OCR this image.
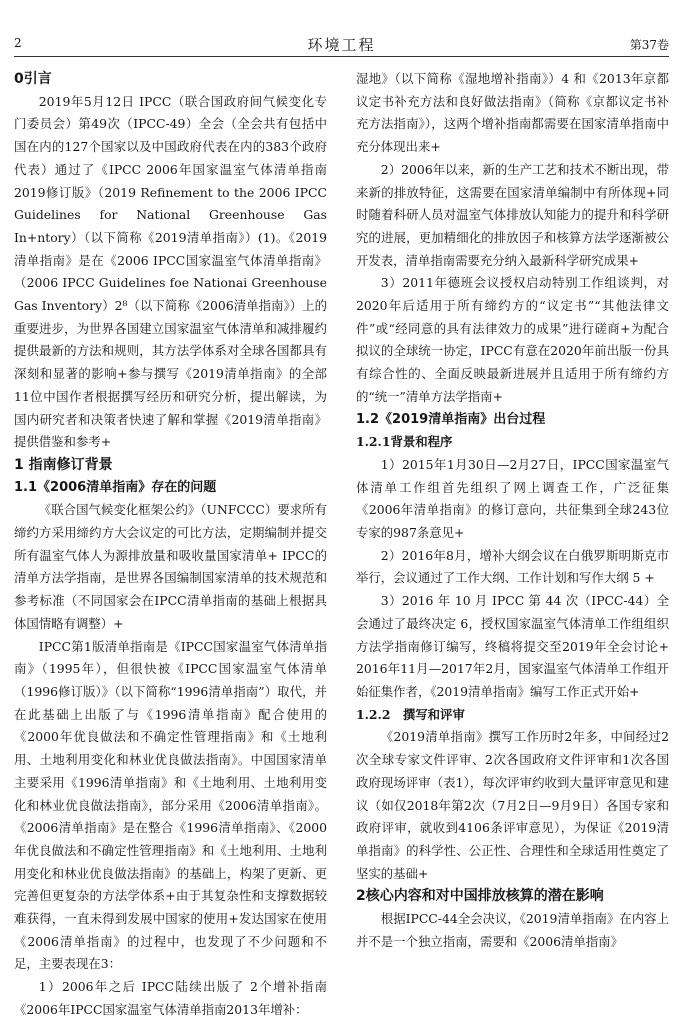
2	环境工程	第37卷
0引言

2019年5月12日 IPCC（联合国政府间气候变化专门委员会）第49次（IPCC-49）全会（全会共有包括中国在内的127个国家以及中国政府代表在内的383个政府代表）通过了《IPCC 2006年国家温室气体清单指南2019修订版》（2019 Refinement to the 2006 IPCC Guidelines for National Greenhouse Gas In+ntory）（以下简称《2019清单指南》）(1)。《2019清单指南》是在《2006 IPCC国家温室气体清单指南》（2006 IPCC Guidelines foe Nationai Greenhouse Gas Inventory）2⁸（以下简称《2006清单指南》）上的重要进步，为世界各国建立国家温室气体清单和减排履约提供最新的方法和规则，其方法学体系对全球各国都具有深刻和显著的影响+参与撰写《2019清单指南》的全部11位中国作者根据撰写经历和研究分析，提出解读，为国内研究者和决策者快速了解和掌握《2019清单指南》提供借鉴和参考+

1 指南修订背景
1.1《2006清单指南》存在的问题

《联合国气候变化框架公约》（UNFCCC）要求所有缔约方采用缔约方大会议定的可比方法，定期编制并提交所有温室气体人为源排放量和吸收量国家清单+ IPCC的清单方法学指南，是世界各国编制国家清单的技术规范和参考标准（不同国家会在IPCC清单指南的基础上根据具体国情略有调整）+

IPCC第1版清单指南是《IPCC国家温室气体清单指南》（1995年），但很快被《IPCC国家温室气体清单（1996修订版）》（以下简称“1996清单指南”）取代，并在此基础上出版了与《1996清单指南》配合使用的《2000年优良做法和不确定性管理指南》和《土地利用、土地利用变化和林业优良做法指南》。中国国家清单主要采用《1996清单指南》和《土地利用、土地利用变化和林业优良做法指南》，部分采用《2006清单指南》。《2006清单指南》是在整合《1996清单指南》、《2000年优良做法和不确定性管理指南》和《土地利用、土地利用变化和林业优良做法指南》的基础上，构架了更新、更完善但更复杂的方法学体系+由于其复杂性和支撑数据较难获得，一直未得到发展中国家的使用+发达国家在使用《2006清单指南》的过程中，也发现了不少问题和不足，主要表现在3：

1）2006年之后 IPCC陆续出版了 2个增补指南《2006年IPCC国家温室气体清单指南2013年增补：

湿地》（以下简称《湿地增补指南》）4 和《2013年京都议定书补充方法和良好做法指南》（简称《京都议定书补充方法指南》），这两个增补指南都需要在国家清单指南中充分体现出来+

2）2006年以来，新的生产工艺和技术不断出现，带来新的排放特征，这需要在国家清单编制中有所体现+同时随着科研人员对温室气体排放认知能力的提升和科学研究的进展，更加精细化的排放因子和核算方法学逐渐被公开发表，清单指南需要充分纳入最新科学研究成果+

3）2011年德班会议授权启动特别工作组谈判，对2020年后适用于所有缔约方的“议定书”“其他法律文件”或“经同意的具有法律效力的成果”进行磋商+为配合拟议的全球统一协定，IPCC有意在2020年前出版一份具有综合性的、全面反映最新进展并且适用于所有缔约方的“统一”清单方法学指南+

1.2《2019清单指南》出台过程
1.2.1背景和程序

1）2015年1月30日—2月27日，IPCC国家温室气体清单工作组首先组织了网上调查工作，广泛征集《2006年清单指南》的修订意向，共征集到全球243位专家的987条意见+

2）2016年8月，增补大纲会议在白俄罗斯明斯克市举行，会议通过了工作大纲、工作计划和写作大纲 5 +

3）2016 年 10 月 IPCC 第 44 次（IPCC-44）全会通过了最终决定 6，授权国家温室气体清单工作组组织方法学指南修订编写，终稿将提交至2019年全会讨论+ 2016年11月—2017年2月，国家温室气体清单工作组开始征集作者，《2019清单指南》编写工作正式开始+

1.2.2　撰写和评审

《2019清单指南》撰写工作历时2年多，中间经过2次全球专家文件评审、2次各国政府文件评审和1次各国政府现场评审（表1），每次评审约收到大量评审意见和建议（如仅2018年第2次（7月2日—9月9日）各国专家和政府评审，就收到4106条评审意见），为保证《2019清单指南》的科学性、公正性、合理性和全球适用性奠定了坚实的基础+

2核心内容和对中国排放核算的潜在影响

根据IPCC-44全会决议，《2019清单指南》在内容上并不是一个独立指南，需要和《2006清单指南》
